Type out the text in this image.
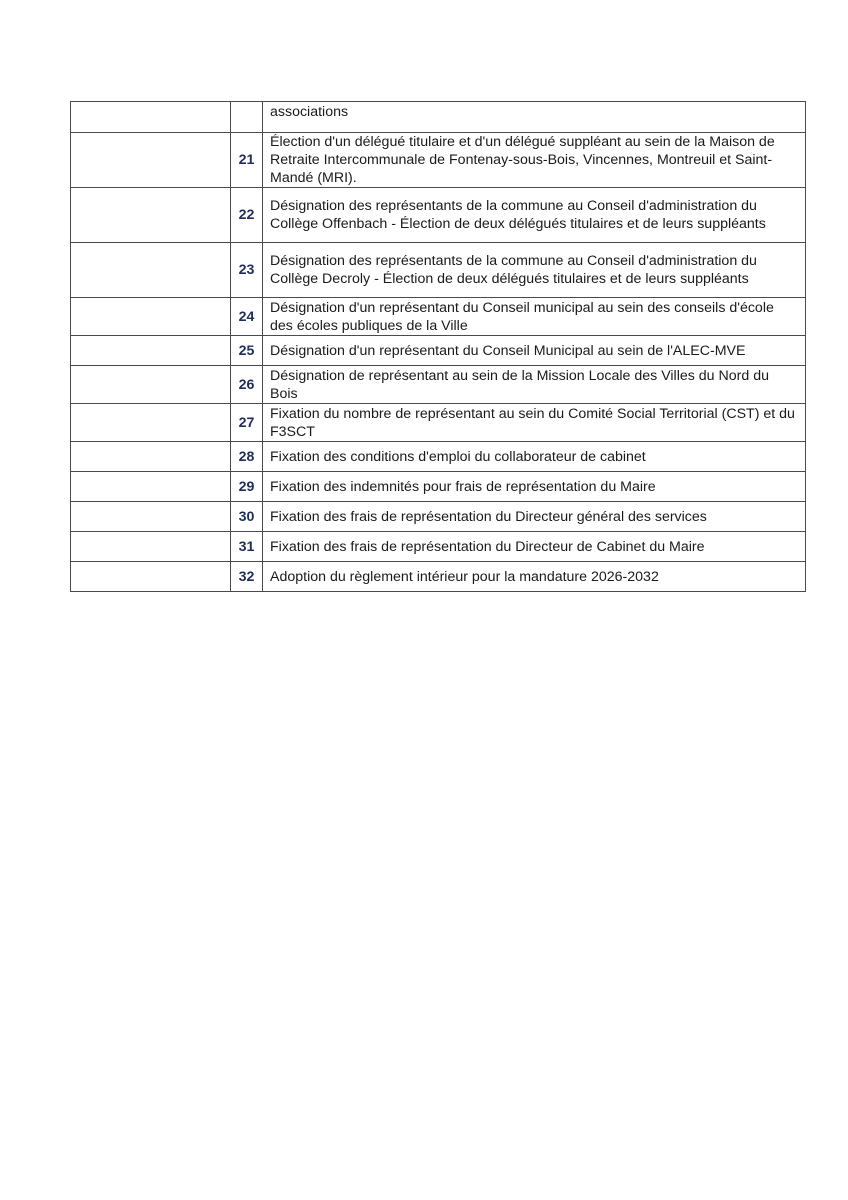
		associations
	21	Élection d'un délégué titulaire et d'un délégué suppléant au sein de la Maison de Retraite Intercommunale de Fontenay-sous-Bois, Vincennes, Montreuil et Saint-Mandé (MRI).
	22	Désignation des représentants de la commune au Conseil d'administration du Collège Offenbach - Élection de deux délégués titulaires et de leurs suppléants
	23	Désignation des représentants de la commune au Conseil d'administration du Collège Decroly - Élection de deux délégués titulaires et de leurs suppléants
	24	Désignation d'un représentant du Conseil municipal au sein des conseils d'école des écoles publiques de la Ville
	25	Désignation d'un représentant du Conseil Municipal au sein de l'ALEC-MVE
	26	Désignation de représentant au sein de la Mission Locale des Villes du Nord du Bois
	27	Fixation du nombre de représentant au sein du Comité Social Territorial (CST) et du F3SCT
	28	Fixation des conditions d'emploi du collaborateur de cabinet
	29	Fixation des indemnités pour frais de représentation du Maire
	30	Fixation des frais de représentation du Directeur général des services
	31	Fixation des frais de représentation du Directeur de Cabinet du Maire
	32	Adoption du règlement intérieur pour la mandature 2026-2032
